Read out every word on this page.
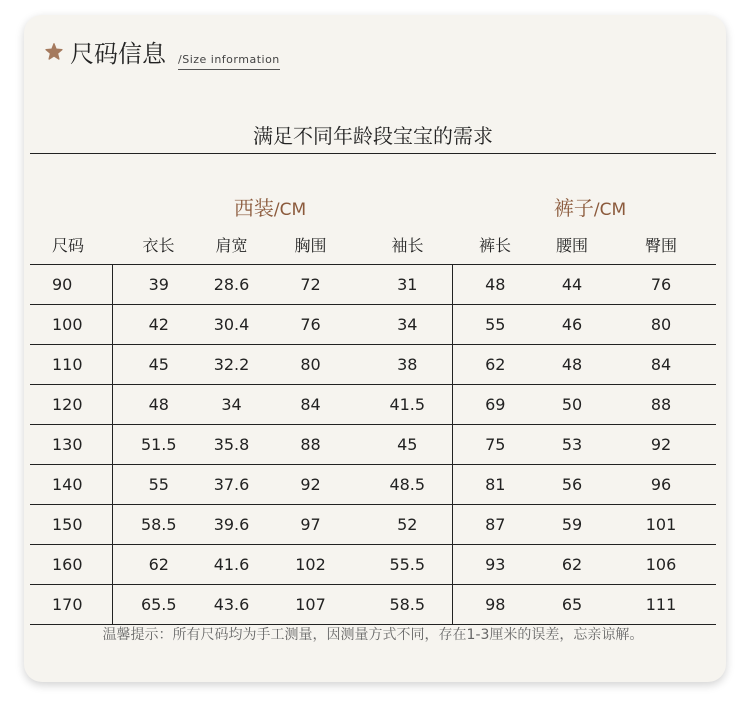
尺码信息 /Size information
满足不同年龄段宝宝的需求
西装/CM	裤子/CM
尺码	衣长	肩宽	胸围	袖长	裤长	腰围	臀围
90	39	28.6	72	31	48	44	76
100	42	30.4	76	34	55	46	80
110	45	32.2	80	38	62	48	84
120	48	34	84	41.5	69	50	88
130	51.5	35.8	88	45	75	53	92
140	55	37.6	92	48.5	81	56	96
150	58.5	39.6	97	52	87	59	101
160	62	41.6	102	55.5	93	62	106
170	65.5	43.6	107	58.5	98	65	111
温馨提示：所有尺码均为手工测量，因测量方式不同，存在1-3厘米的误差，忘亲谅解。
